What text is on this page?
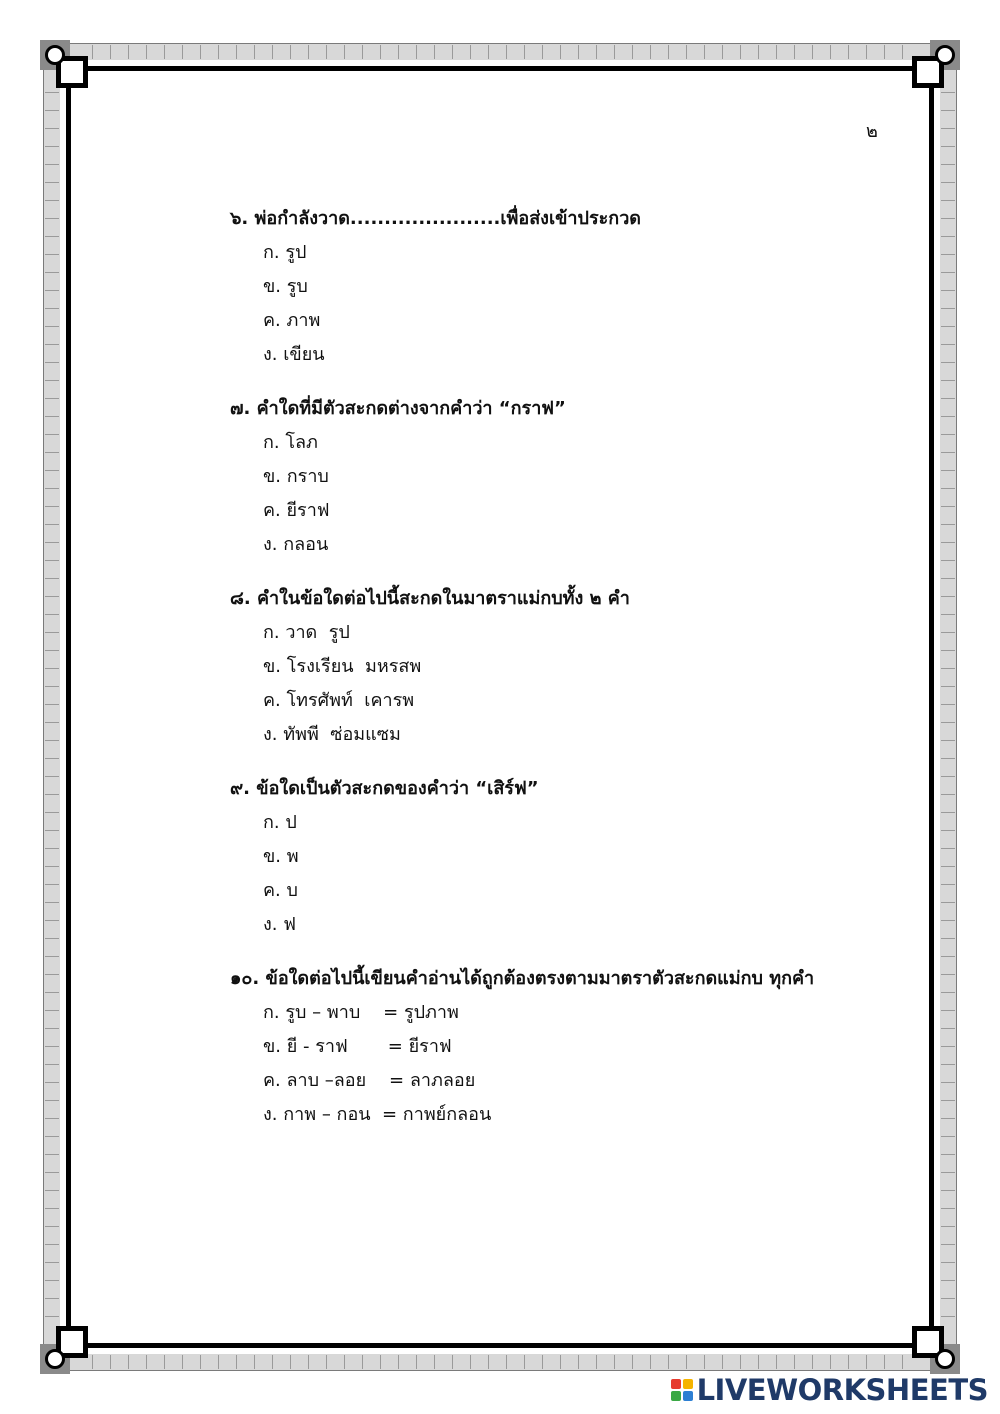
๒
๖. พ่อกำลังวาด......................เพื่อส่งเข้าประกวด
ก. รูป
ข. รูบ
ค. ภาพ
ง. เขียน
๗. คำใดที่มีตัวสะกดต่างจากคำว่า “กราฟ”
ก. โลภ
ข. กราบ
ค. ยีราฟ
ง. กลอน
๘. คำในข้อใดต่อไปนี้สะกดในมาตราแม่กบทั้ง ๒ คำ
ก. วาด  รูป
ข. โรงเรียน  มหรสพ
ค. โทรศัพท์  เคารพ
ง. ทัพพี  ซ่อมแซม
๙. ข้อใดเป็นตัวสะกดของคำว่า “เสิร์ฟ”
ก. ป
ข. พ
ค. บ
ง. ฟ
๑๐. ข้อใดต่อไปนี้เขียนคำอ่านได้ถูกต้องตรงตามมาตราตัวสะกดแม่กบ ทุกคำ
ก. รูบ – พาบ    = รูปภาพ
ข. ยี - ราฟ       = ยีราฟ
ค. ลาบ –ลอย    = ลาภลอย
ง. กาพ – กอน  = กาพย์กลอน
LIVEWORKSHEETS
